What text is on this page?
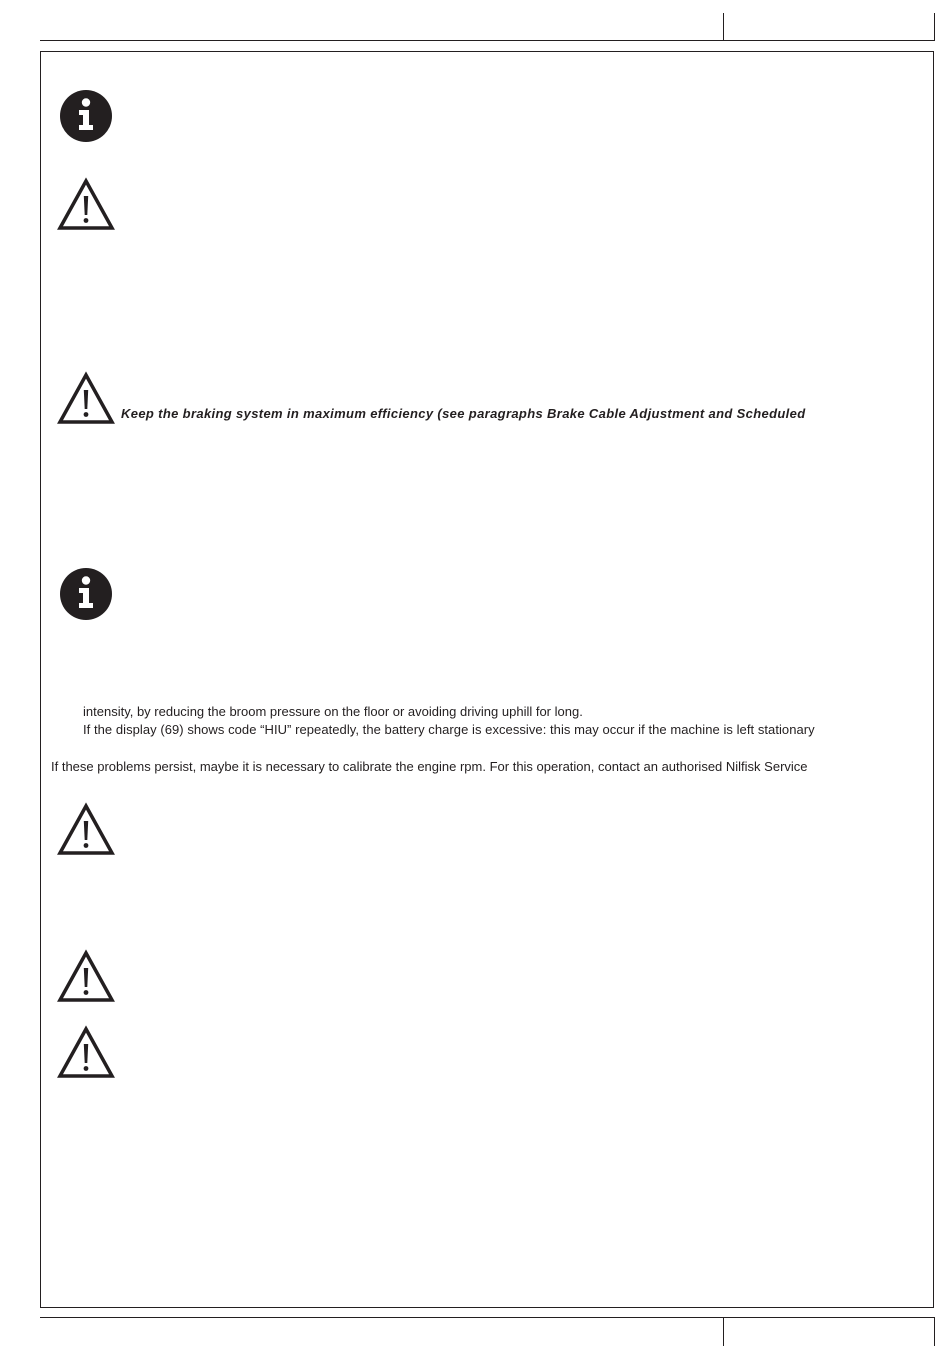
Keep the braking system in maximum efficiency (see paragraphs Brake Cable Adjustment and Scheduled
intensity, by reducing the broom pressure on the floor or avoiding driving uphill for long.
If the display (69) shows code “HIU” repeatedly, the battery charge is excessive: this may occur if the machine is left stationary
If these problems persist, maybe it is necessary to calibrate the engine rpm. For this operation, contact an authorised Nilfisk Service
